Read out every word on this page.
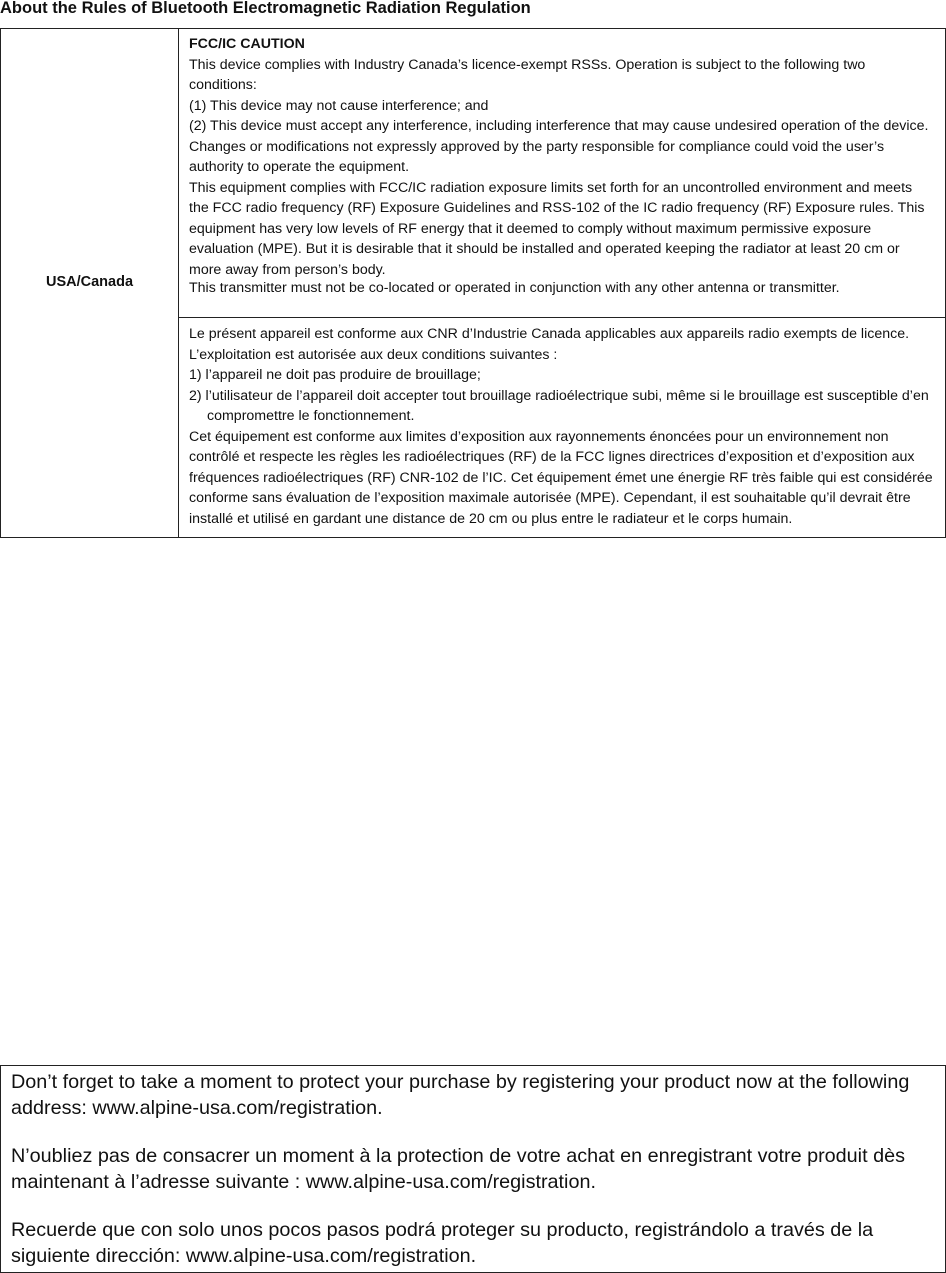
About the Rules of Bluetooth Electromagnetic Radiation Regulation
USA/Canada	
FCC/IC CAUTION
This device complies with Industry Canada’s licence-exempt RSSs. Operation is subject to the following two conditions:
(1) This device may not cause interference; and
(2) This device must accept any interference, including interference that may cause undesired operation of the device.
Changes or modifications not expressly approved by the party responsible for compliance could void the user’s authority to operate the equipment.
This equipment complies with FCC/IC radiation exposure limits set forth for an uncontrolled environment and meets the FCC radio frequency (RF) Exposure Guidelines and RSS-102 of the IC radio frequency (RF) Exposure rules. This equipment has very low levels of RF energy that it deemed to comply without maximum permissive exposure evaluation (MPE). But it is desirable that it should be installed and operated keeping the radiator at least 20 cm or more away from person’s body.
This transmitter must not be co-located or operated in conjunction with any other antenna or transmitter.

Le présent appareil est conforme aux CNR d’Industrie Canada applicables aux appareils radio exempts de licence. L’exploitation est autorisée aux deux conditions suivantes :
1) l’appareil ne doit pas produire de brouillage;
2) l’utilisateur de l’appareil doit accepter tout brouillage radioélectrique subi, même si le brouillage est susceptible d’en compromettre le fonctionnement.
Cet équipement est conforme aux limites d’exposition aux rayonnements énoncées pour un environnement non contrôlé et respecte les règles les radioélectriques (RF) de la FCC lignes directrices d’exposition et d’exposition aux fréquences radioélectriques (RF) CNR-102 de l’IC. Cet équipement émet une énergie RF très faible qui est considérée conforme sans évaluation de l’exposition maximale autorisée (MPE). Cependant, il est souhaitable qu’il devrait être installé et utilisé en gardant une distance de 20 cm ou plus entre le radiateur et le corps humain.
Don’t forget to take a moment to protect your purchase by registering your product now at the following address: www.alpine-usa.com/registration.
N’oubliez pas de consacrer un moment à la protection de votre achat en enregistrant votre produit dès maintenant à l’adresse suivante : www.alpine-usa.com/registration.
Recuerde que con solo unos pocos pasos podrá proteger su producto, registrándolo a través de la siguiente dirección: www.alpine-usa.com/registration.
